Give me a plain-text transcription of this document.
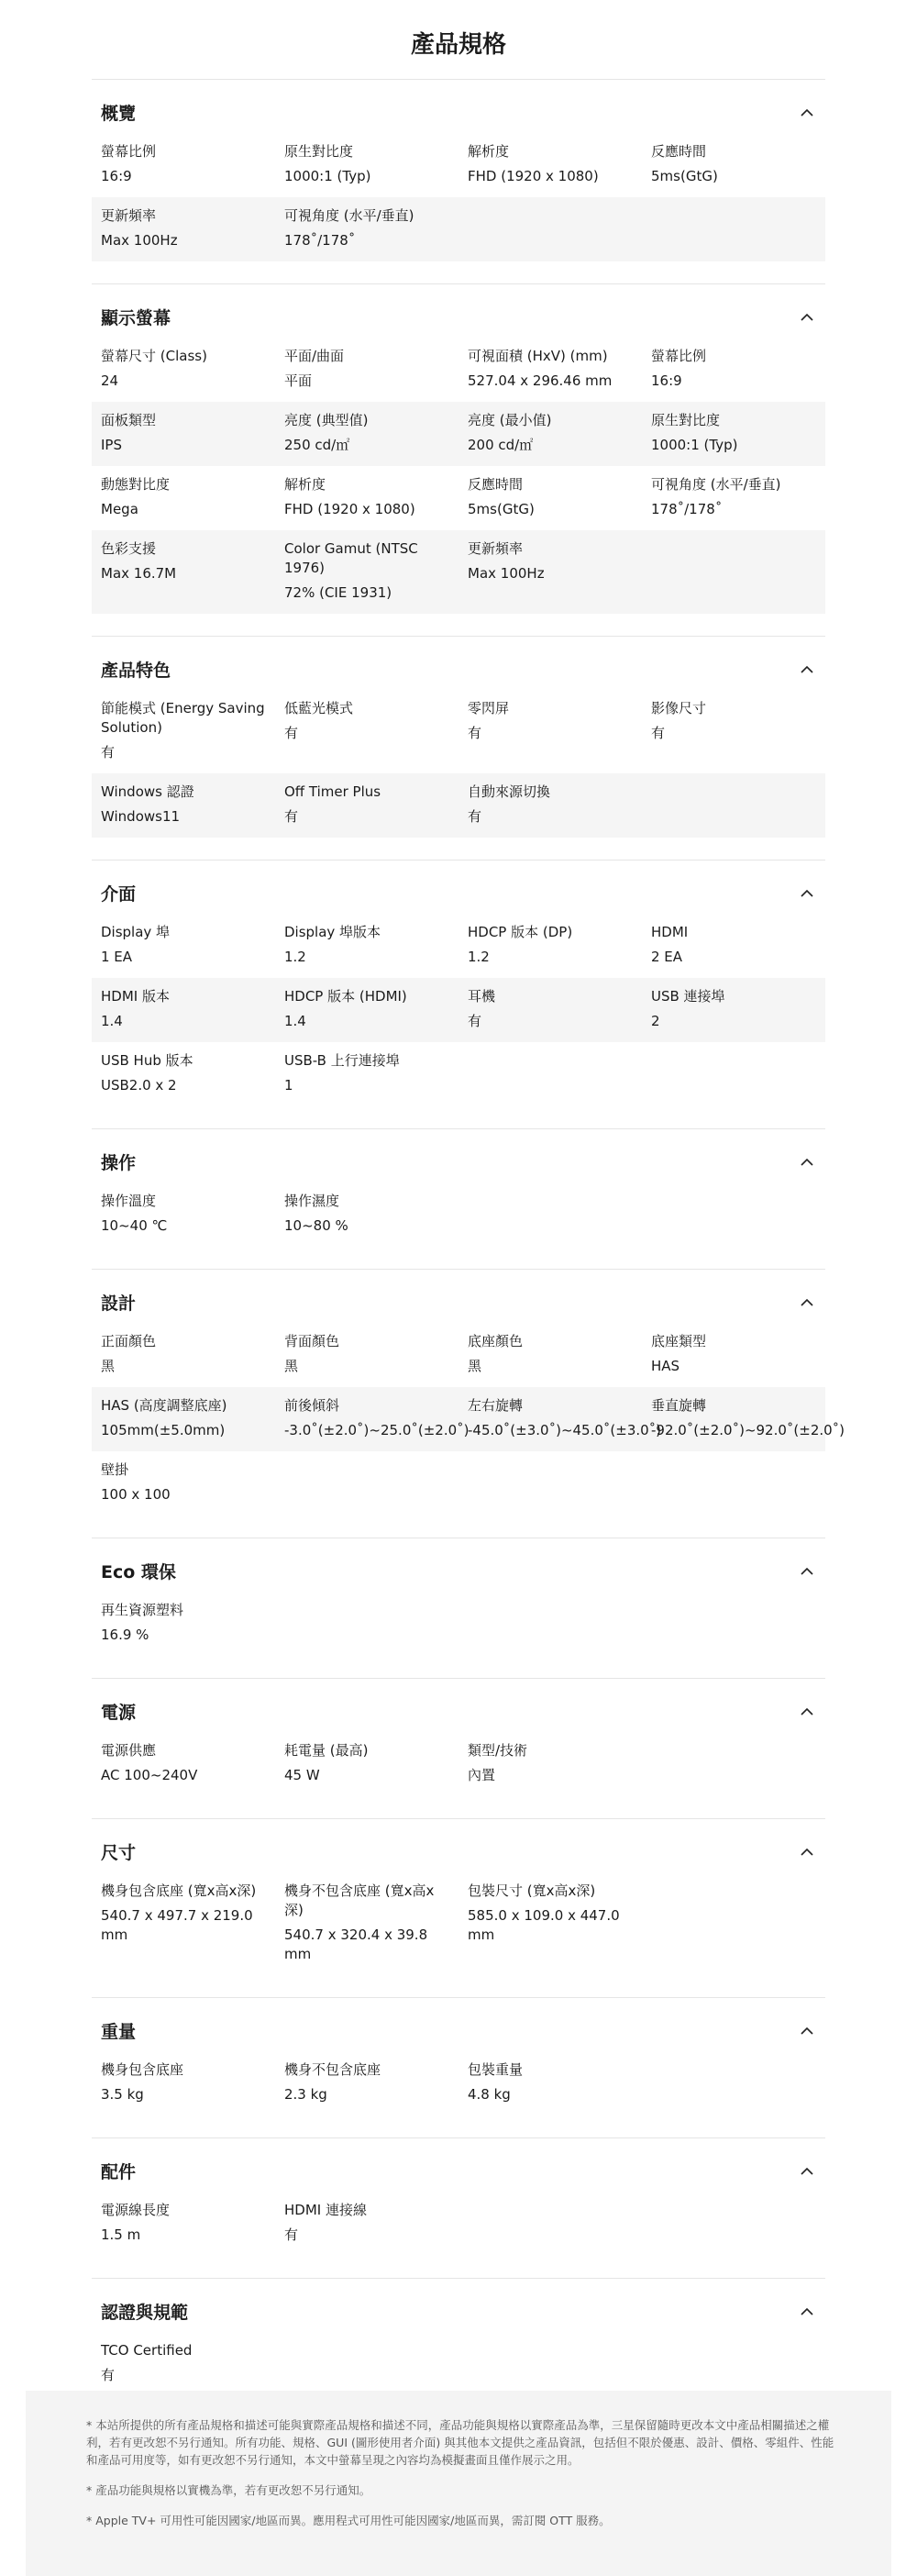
產品規格
概覽
螢幕比例
16:9
原生對比度
1000:1 (Typ)
解析度
FHD (1920 x 1080)
反應時間
5ms(GtG)
更新頻率
Max 100Hz
可視角度 (水平/垂直)
178˚/178˚
顯示螢幕
螢幕尺寸 (Class)
24
平面/曲面
平面
可視面積 (HxV) (mm)
527.04 x 296.46 mm
螢幕比例
16:9
面板類型
IPS
亮度 (典型值)
250 cd/㎡
亮度 (最小值)
200 cd/㎡
原生對比度
1000:1 (Typ)
動態對比度
Mega
解析度
FHD (1920 x 1080)
反應時間
5ms(GtG)
可視角度 (水平/垂直)
178˚/178˚
色彩支援
Max 16.7M
Color Gamut (NTSC 1976)
72% (CIE 1931)
更新頻率
Max 100Hz
產品特色
節能模式 (Energy Saving Solution)
有
低藍光模式
有
零閃屏
有
影像尺寸
有
Windows 認證
Windows11
Off Timer Plus
有
自動來源切換
有
介面
Display 埠
1 EA
Display 埠版本
1.2
HDCP 版本 (DP)
1.2
HDMI
2 EA
HDMI 版本
1.4
HDCP 版本 (HDMI)
1.4
耳機
有
USB 連接埠
2
USB Hub 版本
USB2.0 x 2
USB-B 上行連接埠
1
操作
操作溫度
10~40 ℃
操作濕度
10~80 %
設計
正面顏色
黑
背面顏色
黑
底座顏色
黑
底座類型
HAS
HAS (高度調整底座)
105mm(±5.0mm)
前後傾斜
-3.0˚(±2.0˚)~25.0˚(±2.0˚)
左右旋轉
-45.0˚(±3.0˚)~45.0˚(±3.0˚)
垂直旋轉
-92.0˚(±2.0˚)~92.0˚(±2.0˚)
壁掛
100 x 100
Eco 環保
再生資源塑料
16.9 %
電源
電源供應
AC 100~240V
耗電量 (最高)
45 W
類型/技術
內置
尺寸
機身包含底座 (寬x高x深)
540.7 x 497.7 x 219.0 mm
機身不包含底座 (寬x高x深)
540.7 x 320.4 x 39.8 mm
包裝尺寸 (寬x高x深)
585.0 x 109.0 x 447.0 mm
重量
機身包含底座
3.5 kg
機身不包含底座
2.3 kg
包裝重量
4.8 kg
配件
電源線長度
1.5 m
HDMI 連接線
有
認證與規範
TCO Certified
有

* 本站所提供的所有產品規格和描述可能與實際產品規格和描述不同，產品功能與規格以實際產品為準，三星保留隨時更改本文中產品相關描述之權利，若有更改恕不另行通知。所有功能、規格、GUI (圖形使用者介面) 與其他本文提供之產品資訊，包括但不限於優惠、設計、價格、零組件、性能和產品可用度等，如有更改恕不另行通知，本文中螢幕呈現之內容均為模擬畫面且僅作展示之用。

* 產品功能與規格以實機為準，若有更改恕不另行通知。

* Apple TV+ 可用性可能因國家/地區而異。應用程式可用性可能因國家/地區而異，需訂閱 OTT 服務。
